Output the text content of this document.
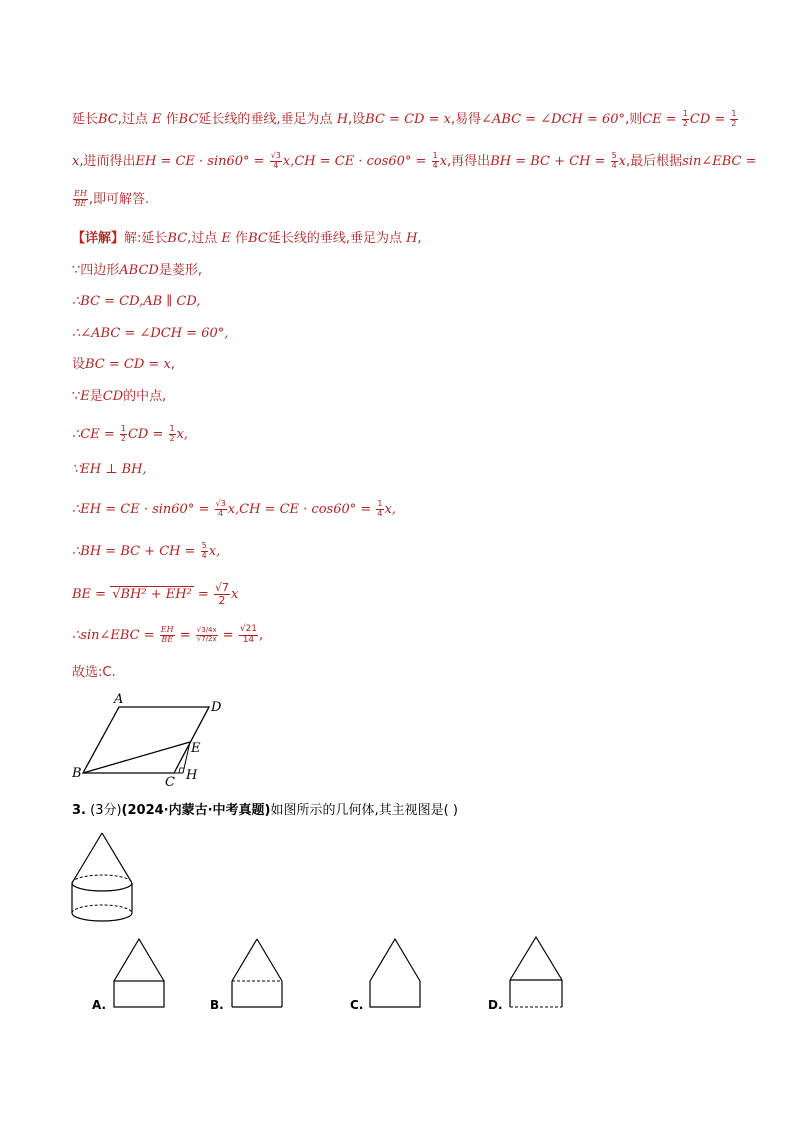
延长BC,过点 E 作BC延长线的垂线,垂足为点 H,设BC = CD = x,易得∠ABC = ∠DCH = 60°,则CE = $\frac{1}{2}$ CD = $\frac{1}{2}$
x,进而得出EH = CE · $\sin 60^\circ = \frac{√3}{4} x,CH$ = CE · $\cos 60^\circ = \frac{1}{4} x$,再得出BH = BC + CH = $\frac{5}{4} x$,最后根据sin∠EBC =
$\frac{EH}{BE}$ ,即可解答.
【详解】解:延长BC,过点 E 作BC延长线的垂线,垂足为点 H,
∵四边形ABCD是菱形,
∴BC = CD,AB ∥ CD,
∴∠ABC = ∠DCH = 60°,
设BC = CD = x,
∵E是CD的中点,
∴CE = $\frac{1}{2}$ CD = $\frac{1}{2} x$,
∵EH ⊥ BH,
∴EH = CE · $\sin 60^\circ = \frac{√3}{4} x,CH$ = CE · $\cos 60^\circ = \frac{1}{4} x$,
∴BH = BC + CH = $\frac{5}{4} x$,
BE = $√BH^2 + EH^2 = \frac{√7}{2}$ x
∴sin∠EBC = $\frac{EH}{BE} = \frac{√3/4x}{√7/2x} = \frac{√21}{14}$ ,
故选:C.
A
D
B
C
E
H
3. (3分)(2024·内蒙古·中考真题)如图所示的几何体,其主视图是( )
A.	B.	C.	D.
